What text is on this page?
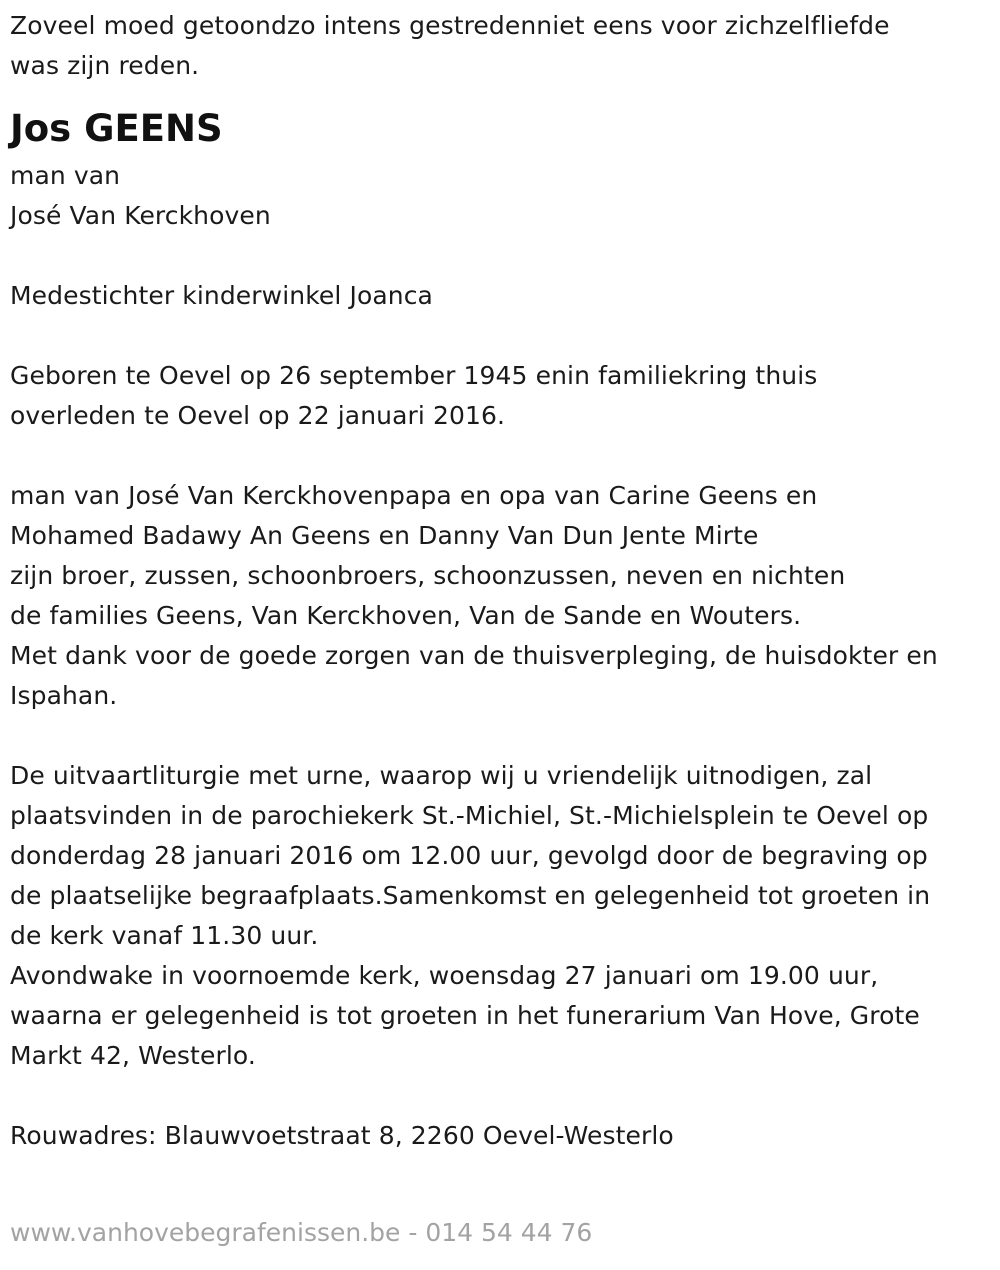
Zoveel moed getoondzo intens gestredenniet eens voor zichzelfliefde
was zijn reden.
Jos GEENS
man van
José Van Kerckhoven
Medestichter kinderwinkel Joanca
Geboren te Oevel op 26 september 1945 enin familiekring thuis
overleden te Oevel op 22 januari 2016.
man van José Van Kerckhovenpapa en opa van Carine Geens en
Mohamed Badawy An Geens en Danny Van Dun Jente Mirte
zijn broer, zussen, schoonbroers, schoonzussen, neven en nichten
de families Geens, Van Kerckhoven, Van de Sande en Wouters.
Met dank voor de goede zorgen van de thuisverpleging, de huisdokter en
Ispahan.
De uitvaartliturgie met urne, waarop wij u vriendelijk uitnodigen, zal
plaatsvinden in de parochiekerk St.-Michiel, St.-Michielsplein te Oevel op
donderdag 28 januari 2016 om 12.00 uur, gevolgd door de begraving op
de plaatselijke begraafplaats.Samenkomst en gelegenheid tot groeten in
de kerk vanaf 11.30 uur.
Avondwake in voornoemde kerk, woensdag 27 januari om 19.00 uur,
waarna er gelegenheid is tot groeten in het funerarium Van Hove, Grote
Markt 42, Westerlo.
Rouwadres: Blauwvoetstraat 8, 2260 Oevel-Westerlo
www.vanhovebegrafenissen.be - 014 54 44 76
